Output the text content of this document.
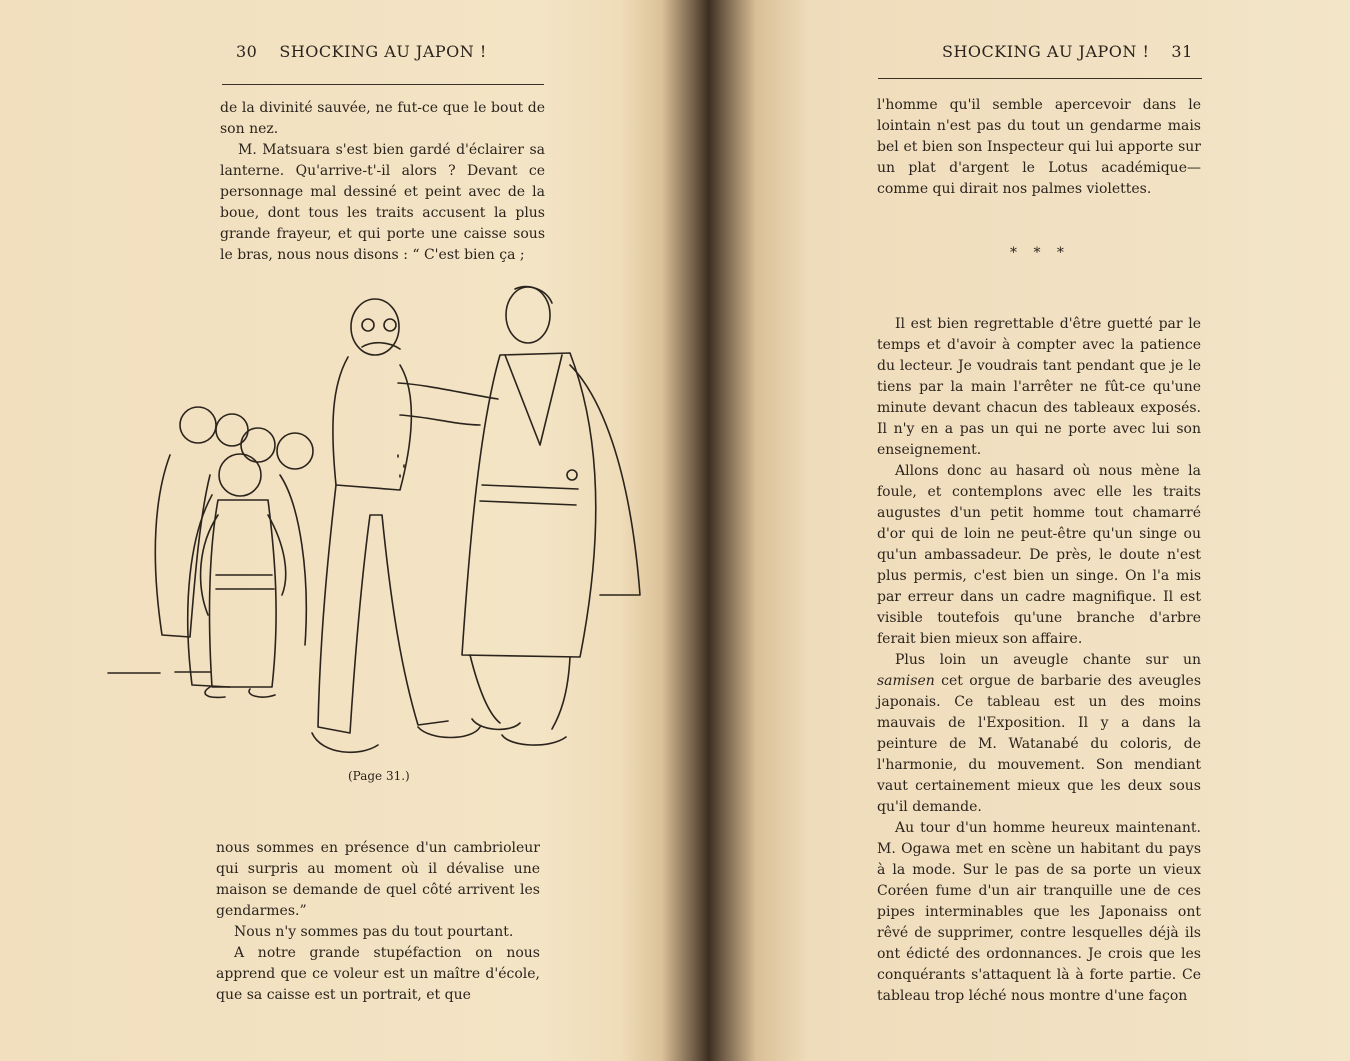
30 SHOCKING AU JAPON !

de la divinité sauvée, ne fut-ce que le bout de son nez.

M. Matsuara s'est bien gardé d'éclairer sa lanterne. Qu'arrive-t'-il alors ? Devant ce personnage mal dessiné et peint avec de la boue, dont tous les traits accusent la plus grande frayeur, et qui porte une caisse sous le bras, nous nous disons : “ C'est bien ça ;

(Page 31.)

nous sommes en présence d'un cambrioleur qui surpris au moment où il dévalise une maison se demande de quel côté arrivent les gendarmes.”

Nous n'y sommes pas du tout pourtant.

A notre grande stupéfaction on nous apprend que ce voleur est un maître d'école, que sa caisse est un portrait, et que

SHOCKING AU JAPON ! 31

l'homme qu'il semble apercevoir dans le lointain n'est pas du tout un gendarme mais bel et bien son Inspecteur qui lui apporte sur un plat d'argent le Lotus académique— comme qui dirait nos palmes violettes.

* * *

Il est bien regrettable d'être guetté par le temps et d'avoir à compter avec la patience du lecteur. Je voudrais tant pendant que je le tiens par la main l'arrêter ne fût-ce qu'une minute devant chacun des tableaux exposés. Il n'y en a pas un qui ne porte avec lui son enseignement.

Allons donc au hasard où nous mène la foule, et contemplons avec elle les traits augustes d'un petit homme tout chamarré d'or qui de loin ne peut-être qu'un singe ou qu'un ambassadeur. De près, le doute n'est plus permis, c'est bien un singe. On l'a mis par erreur dans un cadre magnifique. Il est visible toutefois qu'une branche d'arbre ferait bien mieux son affaire.

Plus loin un aveugle chante sur un samisen cet orgue de barbarie des aveugles japonais. Ce tableau est un des moins mauvais de l'Exposition. Il y a dans la peinture de M. Watanabé du coloris, de l'harmonie, du mouvement. Son mendiant vaut certainement mieux que les deux sous qu'il demande.

Au tour d'un homme heureux maintenant. M. Ogawa met en scène un habitant du pays à la mode. Sur le pas de sa porte un vieux Coréen fume d'un air tranquille une de ces pipes interminables que les Japonaiss ont rêvé de supprimer, contre lesquelles déjà ils ont édicté des ordonnances. Je crois que les conquérants s'attaquent là à forte partie. Ce tableau trop léché nous montre d'une façon
